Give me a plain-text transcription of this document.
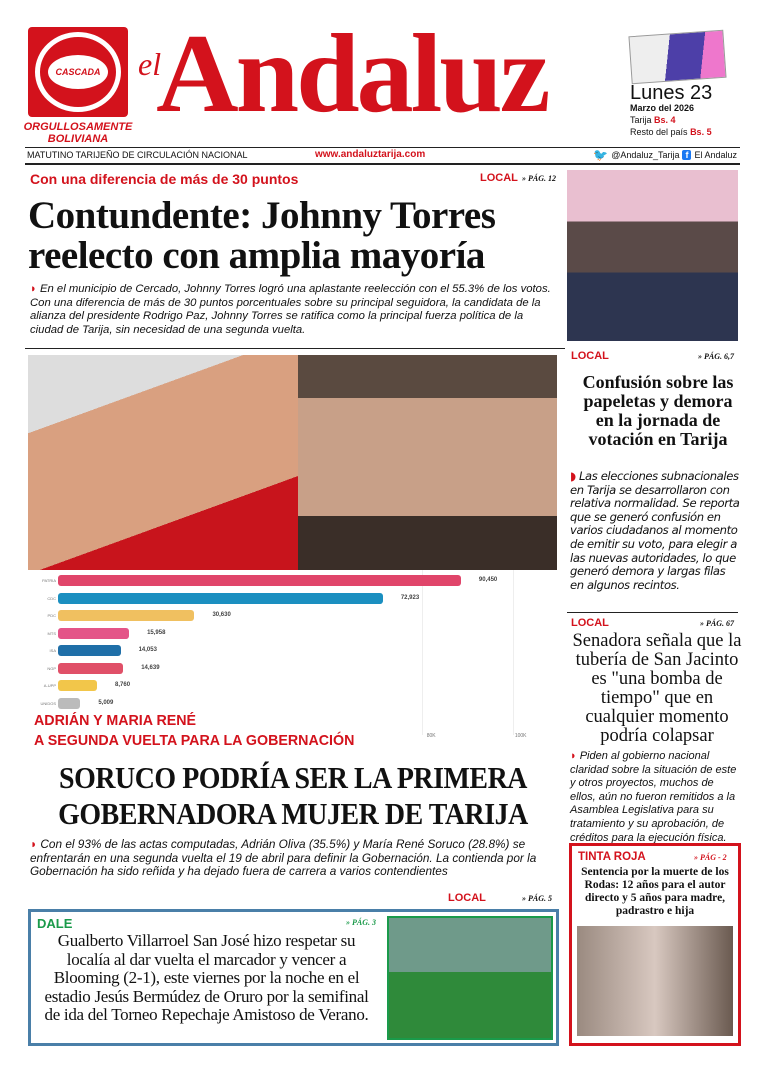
CASCADA
ORGULLOSAMENTE
BOLIVIANA
el
Andaluz	Lunes 23
Marzo del 2026
Tarija Bs. 4
Resto del país Bs. 5
MATUTINO TARIJEÑO DE CIRCULACIÓN NACIONAL	www.andaluztarija.com	🐦 @Andaluz_Tarija f El Andaluz
Con una diferencia de más de 30 puntos	LOCAL » PÁG. 12
Contundente: Johnny Torres reelecto con amplia mayoría
◗ En el municipio de Cercado, Johnny Torres logró una aplastante reelección con el 55.3% de los votos. Con una diferencia de más de 30 puntos porcentuales sobre su principal seguidora, la candidata de la alianza del presidente Rodrigo Paz, Johnny Torres se ratifica como la principal fuerza política de la ciudad de Tarija, sin necesidad de una segunda vuelta.
80K	100K
PATRIA	90,450
CDC	72,923
PDC	30,630
MTS	15,958
ISA	14,053
NGP	14,639
A-UPP	8,760
UNIDOS	5,009
ADRIÁN Y MARIA RENÉ
A SEGUNDA VUELTA PARA LA GOBERNACIÓN
SORUCO PODRÍA SER LA PRIMERA GOBERNADORA MUJER DE TARIJA
◗ Con el 93% de las actas computadas, Adrián Oliva (35.5%) y María René Soruco (28.8%) se enfrentarán en una segunda vuelta el 19 de abril para definir la Gobernación. La contienda por la Gobernación ha sido reñida y ha dejado fuera de carrera a varios contendientes
LOCAL	» PÁG. 5
DALE	» PÁG. 3
Gualberto Villarroel San José hizo respetar su localía al dar vuelta el marcador y vencer a Blooming (2-1), este viernes por la noche en el estadio Jesús Bermúdez de Oruro por la semifinal de ida del Torneo Repechaje Amistoso de Verano.
LOCAL	» PÁG. 6,7
Confusión sobre las papeletas y demora en la jornada de votación en Tarija
◗ Las elecciones subnacionales en Tarija se desarrollaron con relativa normalidad. Se reporta que se generó confusión en varios ciudadanos al momento de emitir su voto, para elegir a las nuevas autoridades, lo que generó demora y largas filas en algunos recintos.
LOCAL	» PÁG. 67
Senadora señala que la tubería de San Jacinto es "una bomba de tiempo" que en cualquier momento podría colapsar
◗ Piden al gobierno nacional claridad sobre la situación de este y otros proyectos, muchos de ellos, aún no fueron remitidos a la Asamblea Legislativa para su tratamiento y su aprobación, de créditos para la ejecución física.
TINTA ROJA	» PÁG - 2
Sentencia por la muerte de los Rodas: 12 años para el autor directo y 5 años para madre, padrastro e hija
